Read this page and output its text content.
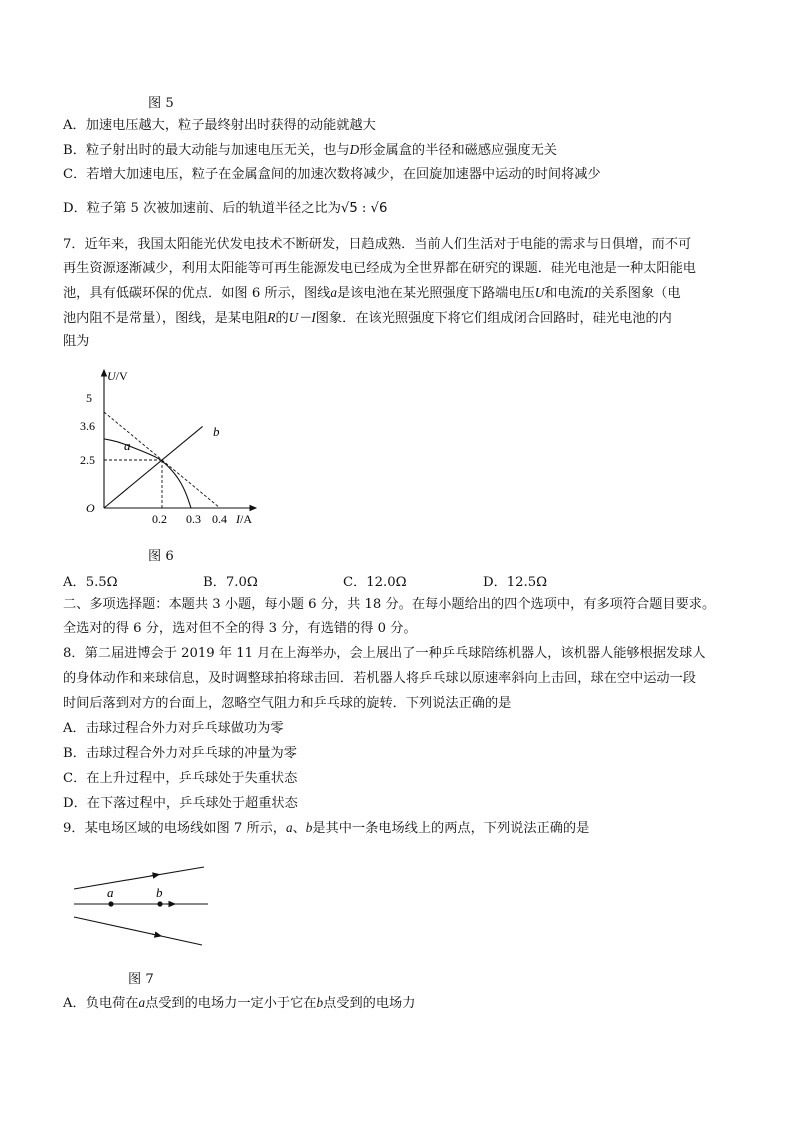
图 5
A．加速电压越大，粒子最终射出时获得的动能就越大
B．粒子射出时的最大动能与加速电压无关，也与D形金属盒的半径和磁感应强度无关
C．若增大加速电压，粒子在金属盒间的加速次数将减少，在回旋加速器中运动的时间将减少
D．粒子第 5 次被加速前、后的轨道半径之比为√5 : √6
7．近年来，我国太阳能光伏发电技术不断研发，日趋成熟．当前人们生活对于电能的需求与日俱增，而不可
再生资源逐渐减少，利用太阳能等可再生能源发电已经成为全世界都在研究的课题．硅光电池是一种太阳能电
池，具有低碳环保的优点．如图 6 所示，图线a是该电池在某光照强度下路端电压U和电流I的关系图象（电
池内阻不是常量），图线，是某电阻R的U－I图象．在该光照强度下将它们组成闭合回路时，硅光电池的内
阻为
U/V
I/A
O
5
3.6
2.5
0.2 0.3 0.4
a
b
图 6
A．5.5Ω	B．7.0Ω	C．12.0Ω	D．12.5Ω
二、多项选择题：本题共 3 小题，每小题 6 分，共 18 分。在每小题给出的四个选项中，有多项符合题目要求。
全选对的得 6 分，选对但不全的得 3 分，有选错的得 0 分。
8．第二届进博会于 2019 年 11 月在上海举办，会上展出了一种乒乓球陪练机器人，该机器人能够根据发球人
的身体动作和来球信息，及时调整球拍将球击回．若机器人将乒乓球以原速率斜向上击回，球在空中运动一段
时间后落到对方的台面上，忽略空气阻力和乒乓球的旋转．下列说法正确的是
A．击球过程合外力对乒乓球做功为零
B．击球过程合外力对乒乓球的冲量为零
C．在上升过程中，乒乓球处于失重状态
D．在下落过程中，乒乓球处于超重状态
9．某电场区域的电场线如图 7 所示，a、b是其中一条电场线上的两点，下列说法正确的是
a	b
图 7
A．负电荷在a点受到的电场力一定小于它在b点受到的电场力
